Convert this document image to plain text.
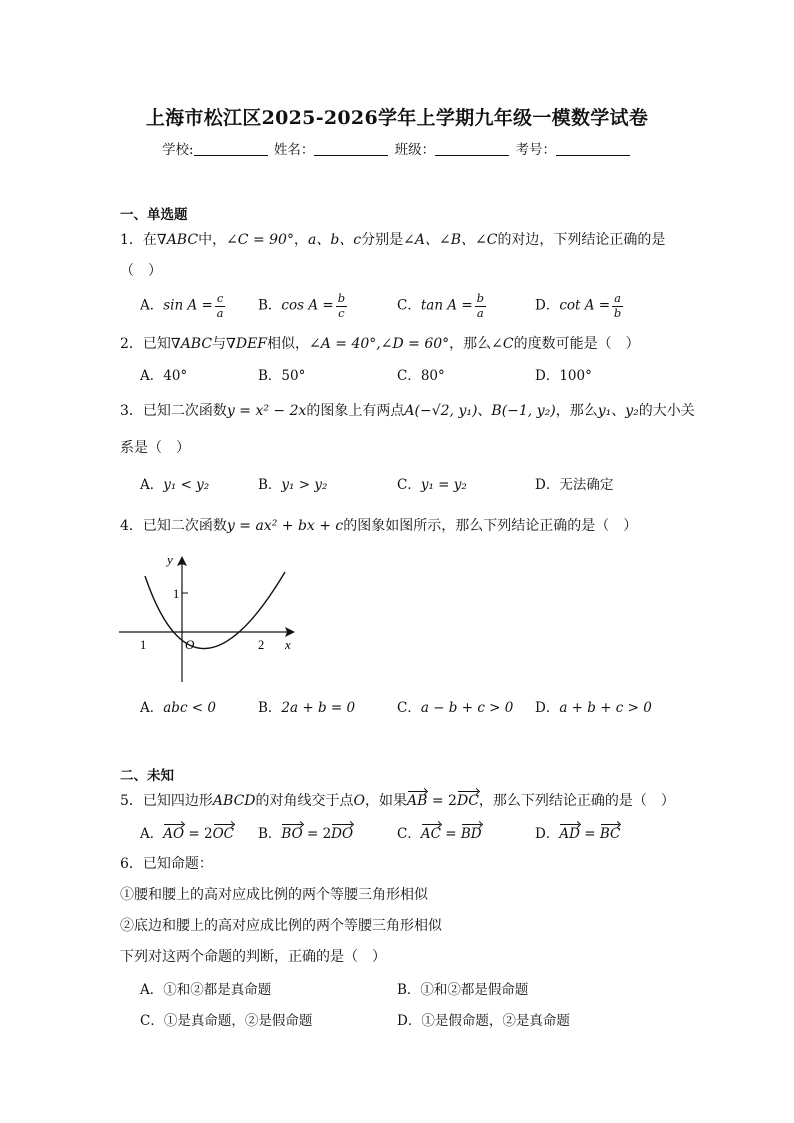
上海市松江区2025-2026学年上学期九年级一模数学试卷
学校:	姓名：	班级：	考号：
一、单选题
1．在∇ABC中，∠C = 90°，a、b、c分别是∠A、∠B、∠C的对边，下列结论正确的是
（　）
A．$\sin A = \frac{c}{a}$ B．$\cos A = \frac{b}{c}$	C．$\tan A = \frac{b}{a}$	D．$\cot A = \frac{a}{b}$
2．已知∇ABC与∇DEF相似，∠A = 40°,∠D = 60°，那么∠C的度数可能是（　）
A．40°	B．50°	C．80°	D．100°
3．已知二次函数y = x² − 2x的图象上有两点A(−√2, y₁)、B(−1, y₂)，那么y₁、y₂的大小关
系是（　）
A．y₁ < y₂	B．y₁ > y₂	C．y₁ = y₂	D．无法确定
4．已知二次函数y = ax² + bx + c的图象如图所示，那么下列结论正确的是（　）
y
x
O
1	2
1
A．abc < 0	B．2a + b = 0	C．a − b + c > 0 D．a + b + c > 0
二、未知
5．已知四边形ABCD的对角线交于点O，如果AB = 2DC，那么下列结论正确的是（　）
A．AO = 2OC B．BO = 2DO	C．AC = BD	D．AD = BC
6．已知命题：
①腰和腰上的高对应成比例的两个等腰三角形相似
②底边和腰上的高对应成比例的两个等腰三角形相似
下列对这两个命题的判断，正确的是（　）
A．①和②都是真命题	B．①和②都是假命题
C．①是真命题，②是假命题	D．①是假命题，②是真命题
